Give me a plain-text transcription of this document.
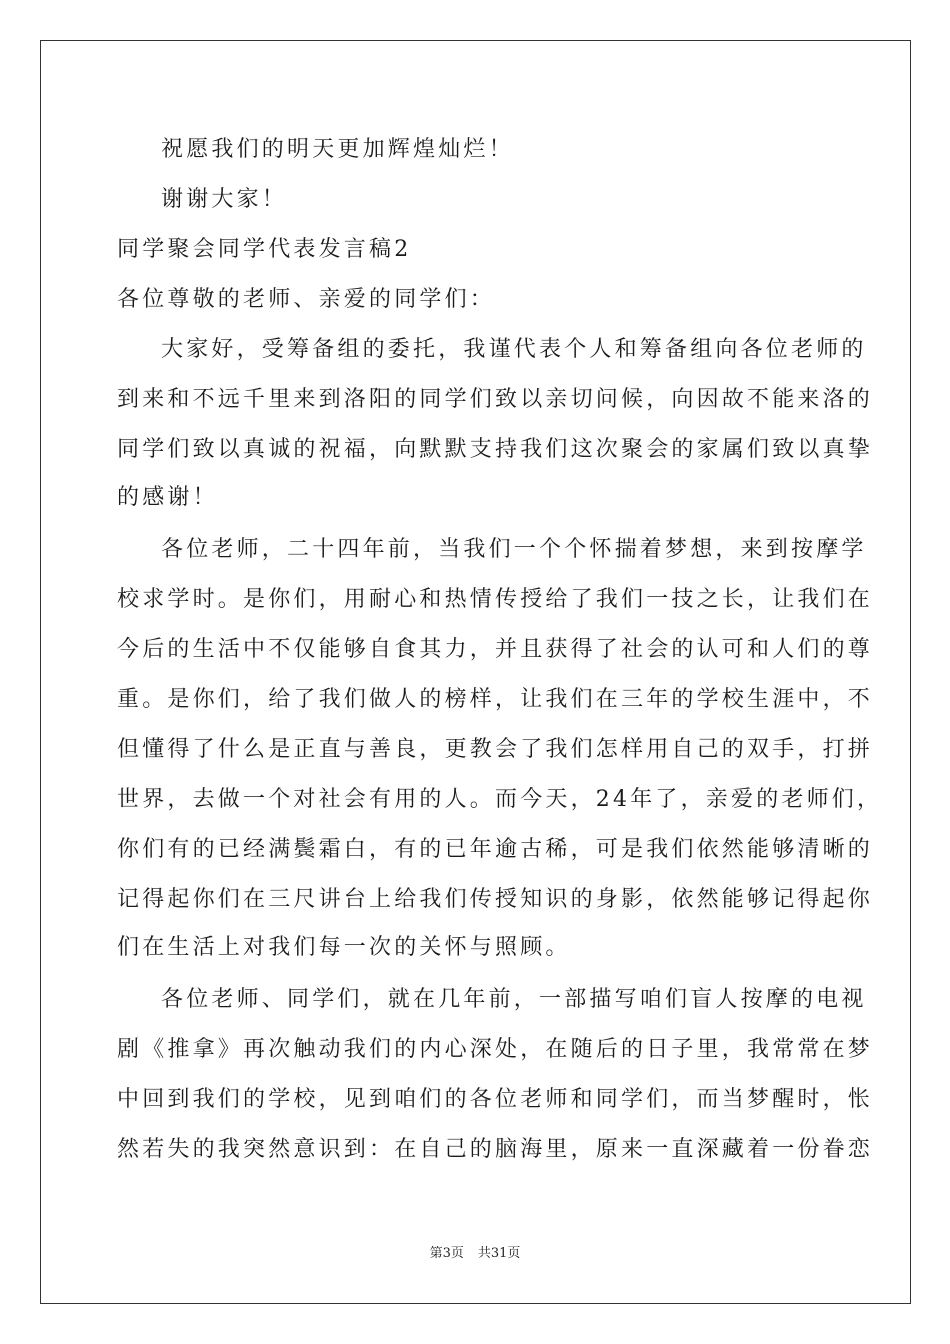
祝愿我们的明天更加辉煌灿烂！
谢谢大家！
同学聚会同学代表发言稿2
各位尊敬的老师、亲爱的同学们：
大家好，受筹备组的委托，我谨代表个人和筹备组向各位老师的
到来和不远千里来到洛阳的同学们致以亲切问候，向因故不能来洛的
同学们致以真诚的祝福，向默默支持我们这次聚会的家属们致以真挚
的感谢！
各位老师，二十四年前，当我们一个个怀揣着梦想，来到按摩学
校求学时。是你们，用耐心和热情传授给了我们一技之长，让我们在
今后的生活中不仅能够自食其力，并且获得了社会的认可和人们的尊
重。是你们，给了我们做人的榜样，让我们在三年的学校生涯中，不
但懂得了什么是正直与善良，更教会了我们怎样用自己的双手，打拼
世界，去做一个对社会有用的人。而今天，24年了，亲爱的老师们，
你们有的已经满鬓霜白，有的已年逾古稀，可是我们依然能够清晰的
记得起你们在三尺讲台上给我们传授知识的身影，依然能够记得起你
们在生活上对我们每一次的关怀与照顾。
各位老师、同学们，就在几年前，一部描写咱们盲人按摩的电视
剧《推拿》再次触动我们的内心深处，在随后的日子里，我常常在梦
中回到我们的学校，见到咱们的各位老师和同学们，而当梦醒时，怅
然若失的我突然意识到：在自己的脑海里，原来一直深藏着一份眷恋
第3页 共31页
